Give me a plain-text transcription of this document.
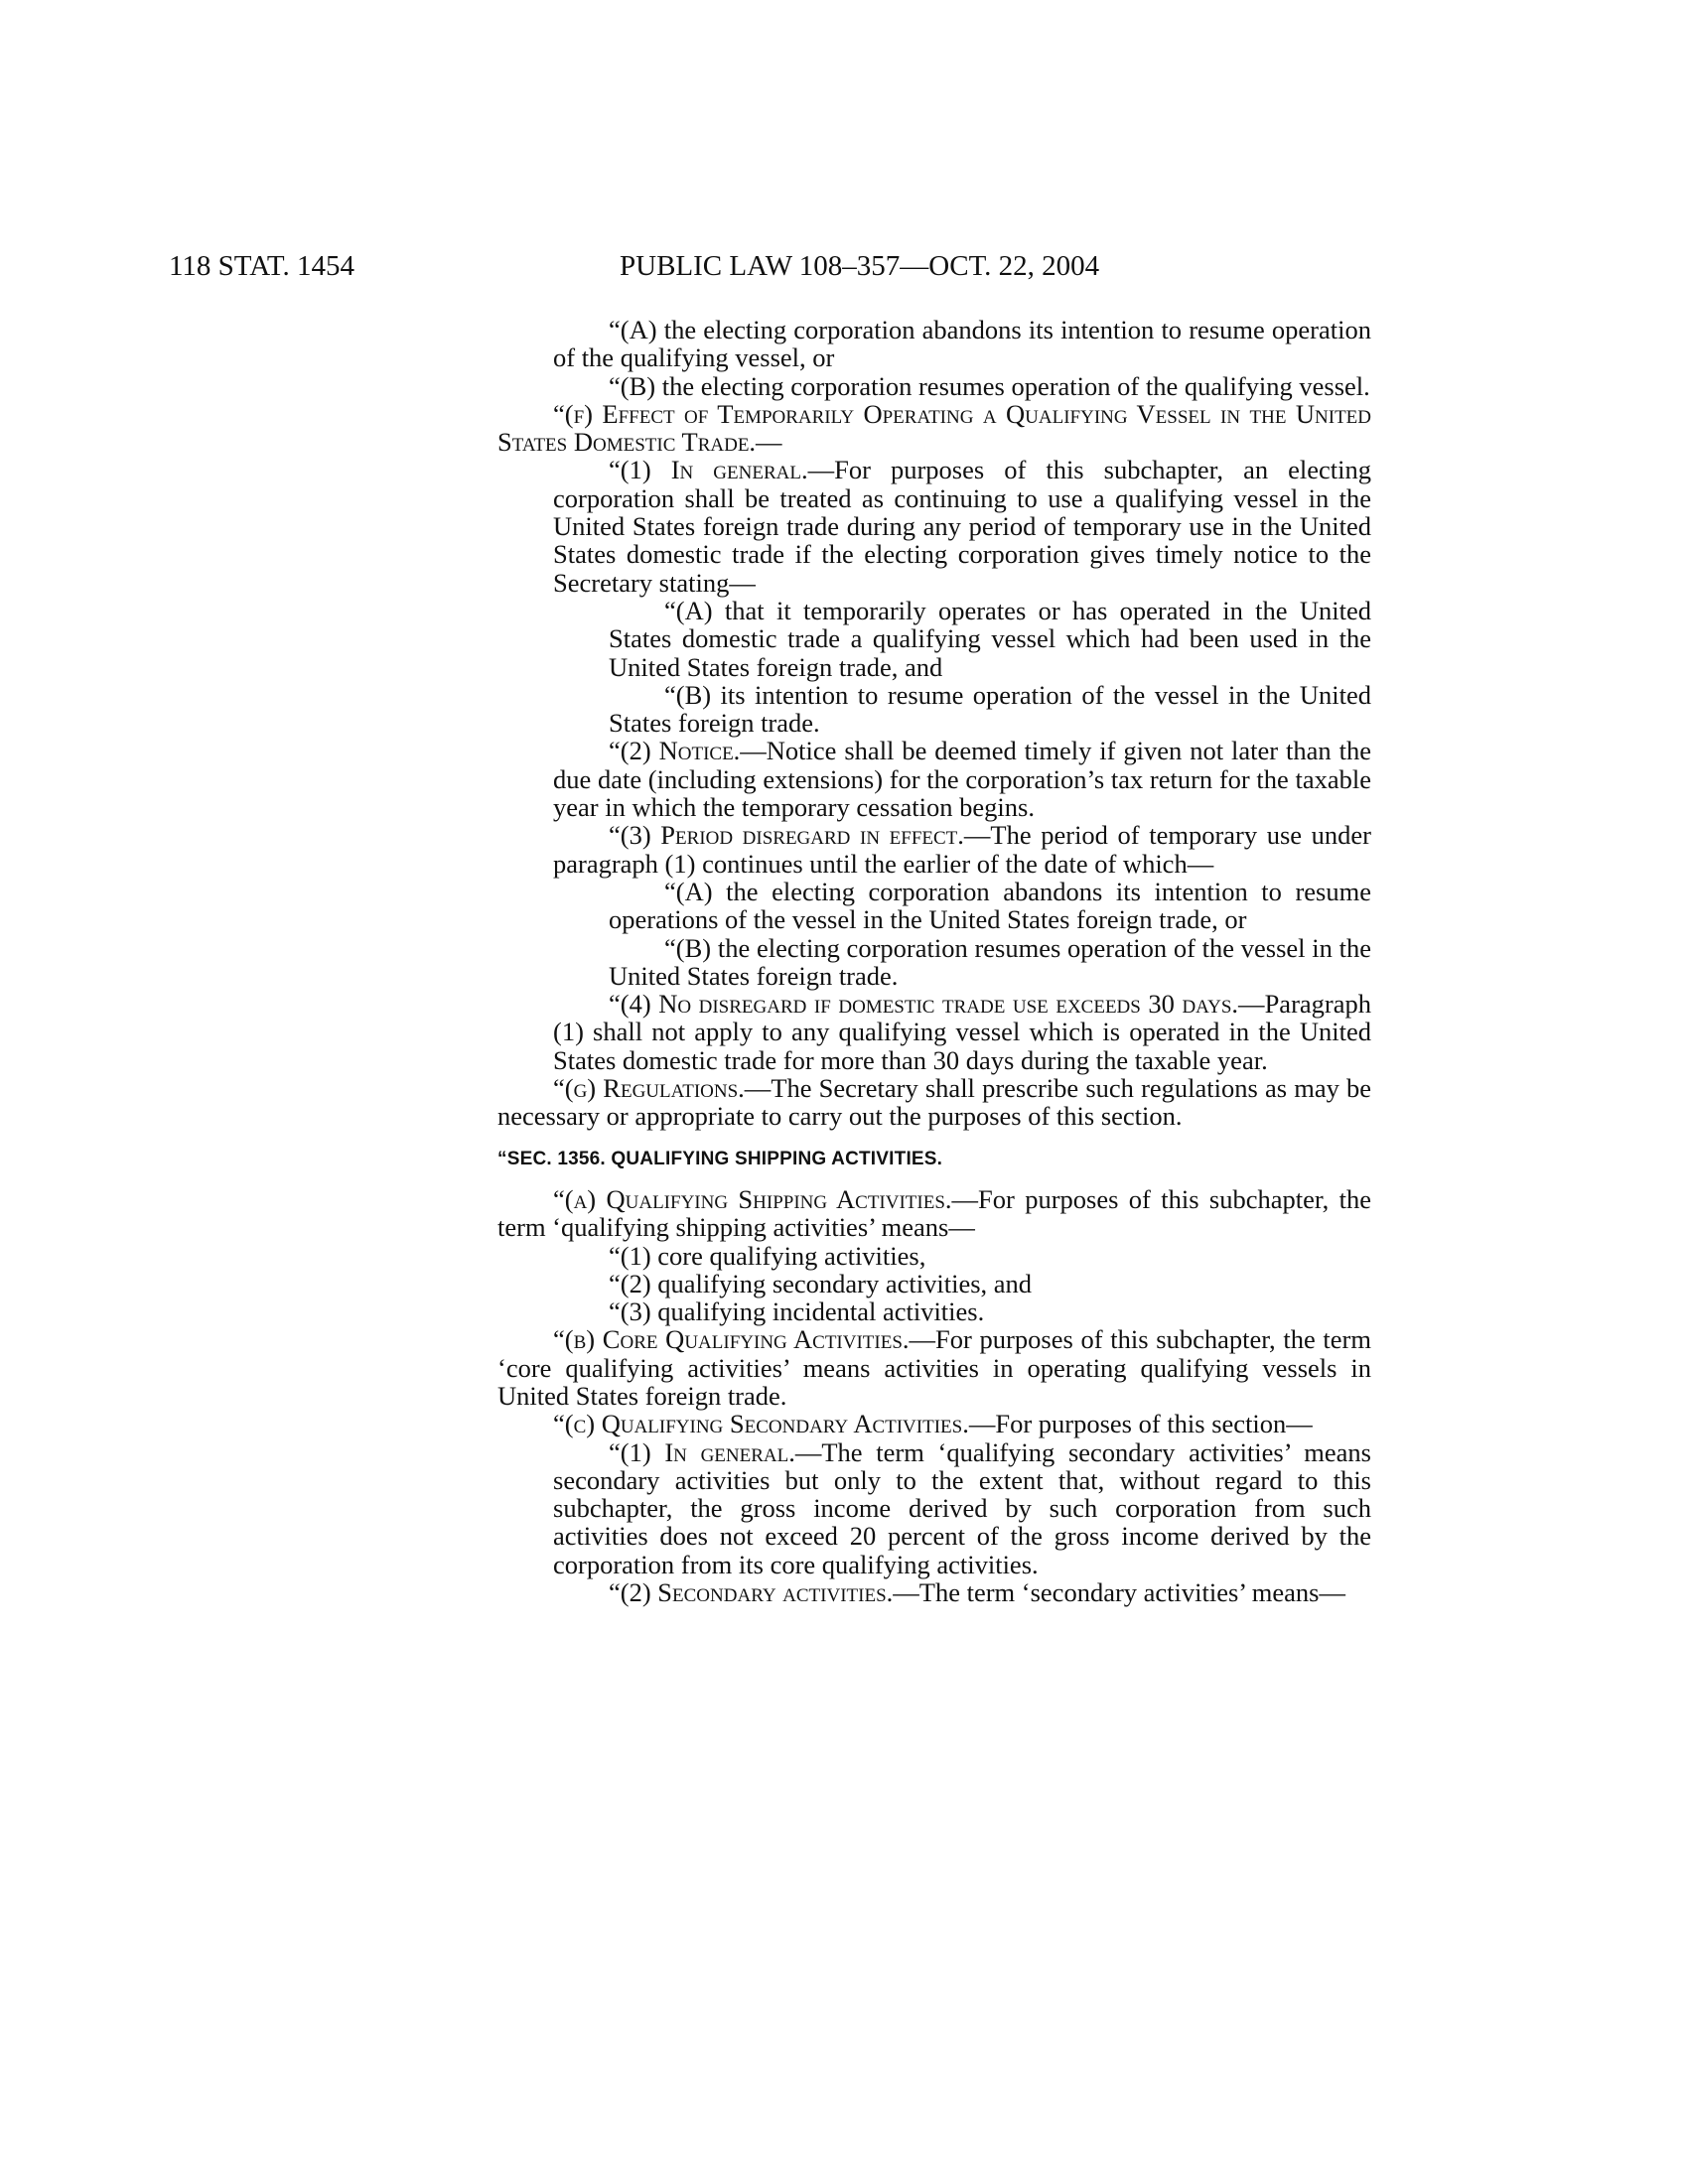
118 STAT. 1454	PUBLIC LAW 108–357—OCT. 22, 2004

“(A) the electing corporation abandons its intention to resume operation of the qualifying vessel, or

“(B) the electing corporation resumes operation of the qualifying vessel.

“(f) Effect of Temporarily Operating a Qualifying Vessel in the United States Domestic Trade.—

“(1) In general.—For purposes of this subchapter, an electing corporation shall be treated as continuing to use a qualifying vessel in the United States foreign trade during any period of temporary use in the United States domestic trade if the electing corporation gives timely notice to the Secretary stating—

“(A) that it temporarily operates or has operated in the United States domestic trade a qualifying vessel which had been used in the United States foreign trade, and

“(B) its intention to resume operation of the vessel in the United States foreign trade.

“(2) Notice.—Notice shall be deemed timely if given not later than the due date (including extensions) for the corporation’s tax return for the taxable year in which the temporary cessation begins.

“(3) Period disregard in effect.—The period of temporary use under paragraph (1) continues until the earlier of the date of which—

“(A) the electing corporation abandons its intention to resume operations of the vessel in the United States foreign trade, or

“(B) the electing corporation resumes operation of the vessel in the United States foreign trade.

“(4) No disregard if domestic trade use exceeds 30 days.—Paragraph (1) shall not apply to any qualifying vessel which is operated in the United States domestic trade for more than 30 days during the taxable year.

“(g) Regulations.—The Secretary shall prescribe such regulations as may be necessary or appropriate to carry out the purposes of this section.

“SEC. 1356. QUALIFYING SHIPPING ACTIVITIES.

“(a) Qualifying Shipping Activities.—For purposes of this subchapter, the term ‘qualifying shipping activities’ means—

“(1) core qualifying activities,

“(2) qualifying secondary activities, and

“(3) qualifying incidental activities.

“(b) Core Qualifying Activities.—For purposes of this subchapter, the term ‘core qualifying activities’ means activities in operating qualifying vessels in United States foreign trade.

“(c) Qualifying Secondary Activities.—For purposes of this section—

“(1) In general.—The term ‘qualifying secondary activities’ means secondary activities but only to the extent that, without regard to this subchapter, the gross income derived by such corporation from such activities does not exceed 20 percent of the gross income derived by the corporation from its core qualifying activities.

“(2) Secondary activities.—The term ‘secondary activities’ means—
